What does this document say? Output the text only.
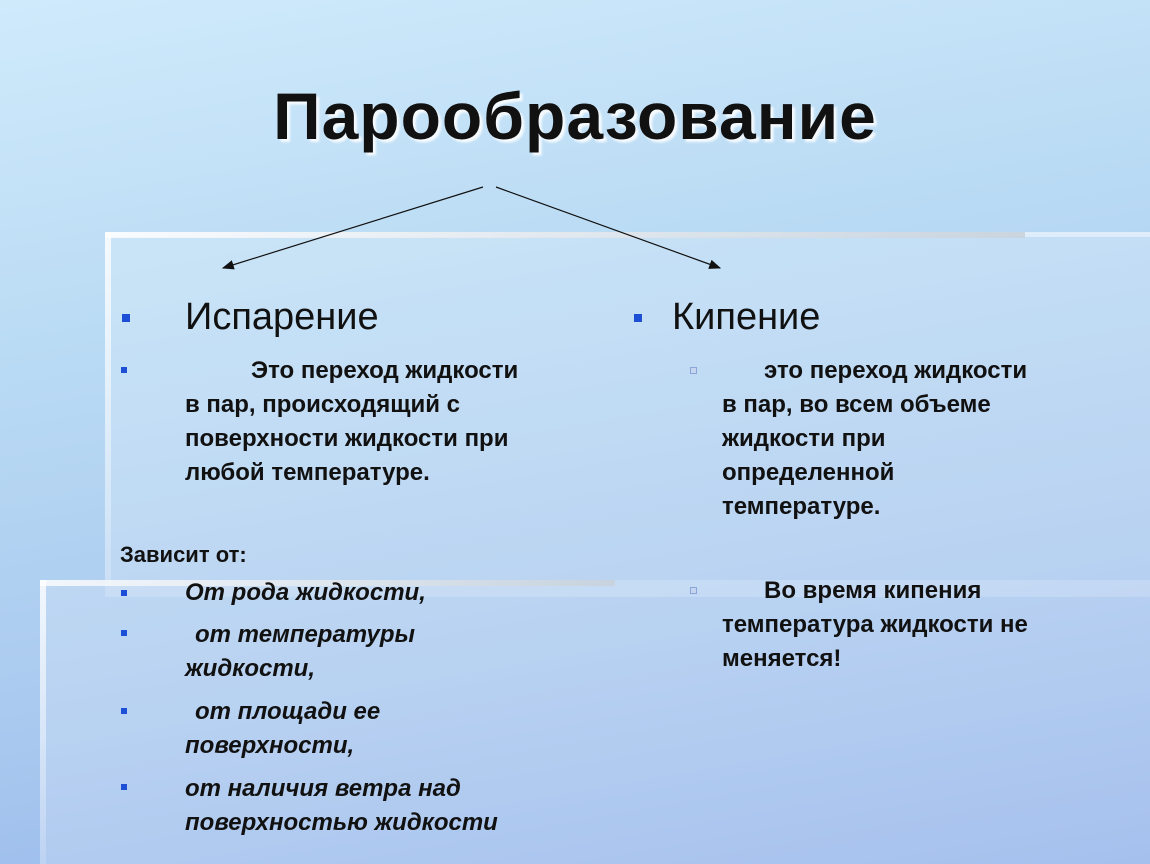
Парообразование
Испарение
Это переход жидкости
в пар, происходящий с
поверхности жидкости при
любой температуре.
Зависит от:
От рода жидкости,
от температуры
жидкости,
от площади ее
поверхности,
от наличия ветра над
поверхностью жидкости
Кипение
это переход жидкости
в пар, во всем объеме
жидкости при
определенной
температуре.
Во время кипения
температура жидкости не
меняется!
